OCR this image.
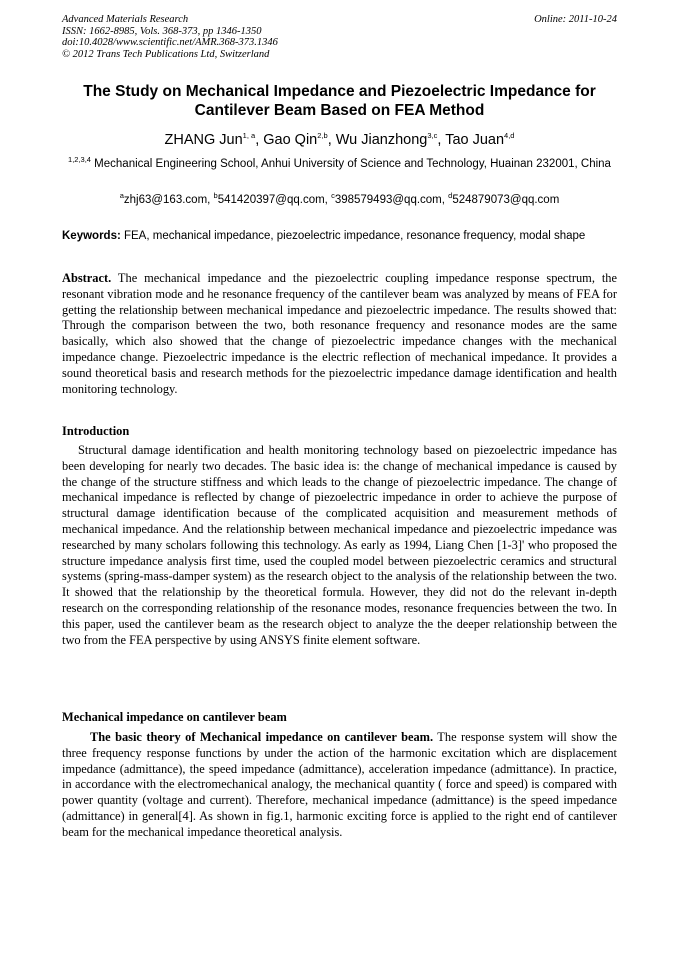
Advanced Materials Research
ISSN: 1662-8985, Vols. 368-373, pp 1346-1350
doi:10.4028/www.scientific.net/AMR.368-373.1346
© 2012 Trans Tech Publications Ltd, Switzerland
Online: 2011-10-24
The Study on Mechanical Impedance and Piezoelectric Impedance for Cantilever Beam Based on FEA Method
ZHANG Jun$^{1, a}$, Gao Qin$^{2,b}$, Wu Jianzhong$^{3,c}$, Tao Juan$^{4,d}$
$^{1,2,3,4}$ Mechanical Engineering School, Anhui University of Science and Technology, Huainan 232001, China
$^a$zhj63@163.com, $^b$541420397@qq.com, $^c$398579493@qq.com, $^d$524879073@qq.com
Keywords: FEA, mechanical impedance, piezoelectric impedance, resonance frequency, modal shape

Abstract. The mechanical impedance and the piezoelectric coupling impedance response spectrum, the resonant vibration mode and he resonance frequency of the cantilever beam was analyzed by means of FEA for getting the relationship between mechanical impedance and piezoelectric impedance. The results showed that: Through the comparison between the two, both resonance frequency and resonance modes are the same basically, which also showed that the change of piezoelectric impedance changes with the mechanical impedance change. Piezoelectric impedance is the electric reflection of mechanical impedance. It provides a sound theoretical basis and research methods for the piezoelectric impedance damage identification and health monitoring technology.

Introduction

Structural damage identification and health monitoring technology based on piezoelectric impedance has been developing for nearly two decades. The basic idea is: the change of mechanical impedance is caused by the change of the structure stiffness and which leads to the change of piezoelectric impedance. The change of mechanical impedance is reflected by change of piezoelectric impedance in order to achieve the purpose of structural damage identification because of the complicated acquisition and measurement methods of mechanical impedance. And the relationship between mechanical impedance and piezoelectric impedance was researched by many scholars following this technology. As early as 1994, Liang Chen [1-3]' who proposed the structure impedance analysis first time, used the coupled model between piezoelectric ceramics and structural systems (spring-mass-damper system) as the research object to the analysis of the relationship between the two. It showed that the relationship by the theoretical formula. However, they did not do the relevant in-depth research on the corresponding relationship of the resonance modes, resonance frequencies between the two. In this paper, used the cantilever beam as the research object to analyze the the deeper relationship between the two from the FEA perspective by using ANSYS finite element software.

Mechanical impedance on cantilever beam

The basic theory of Mechanical impedance on cantilever beam. The response system will show the three frequency response functions by under the action of the harmonic excitation which are displacement impedance (admittance), the speed impedance (admittance), acceleration impedance (admittance). In practice, in accordance with the electromechanical analogy, the mechanical quantity ( force and speed) is compared with power quantity (voltage and current). Therefore, mechanical impedance (admittance) is the speed impedance (admittance) in general[4]. As shown in fig.1, harmonic exciting force is applied to the right end of cantilever beam for the mechanical impedance theoretical analysis.
